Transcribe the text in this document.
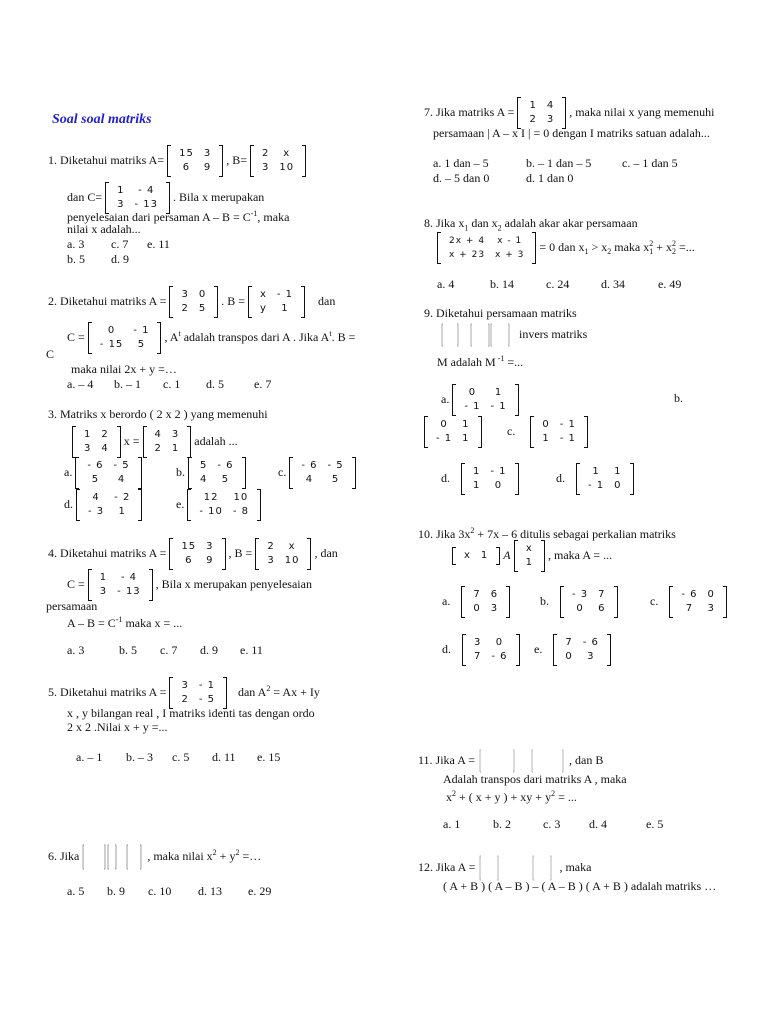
Soal soal matriks
1. Diketahui matriks A= 15	3
6	9
, B= 2	x
3	10
dan C= 1	- 4
3	- 13
. Bila x merupakan
penyelesaian dari persaman $A - B = C^{-1}$, maka
nilai x adalah...
a. 3 c. 7 e. 11
b. 5 d. 9
2. Diketahui matriks A = 3	0
2	5
. B = x	- 1
y	1
dan
C = 0	- 1
- 15	5
, $A^t$ adalah transpos dari A . Jika $A^t$. B =
C
maka nilai 2x + y =…
a. – 4 b. – 1 c. 1 d. 5	e. 7
3. Matriks x berordo ( 2 x 2 ) yang memenuhi
1	2
3	4
x = 4	3
2	1
adalah ...
a. - 6	- 5
5	4
b. 5	- 6
4	5
c. - 6	- 5
4	5
d. 4	- 2
- 3	1
e. 12	10
- 10	- 8
4. Diketahui matriks A = 15	3
6	9
, B = 2	x
3	10
, dan
C = 1	- 4
3	- 13
, Bila x merupakan penyelesaian
persamaan
$A - B = C^{-1}$ maka x = ...
a. 3	b. 5 c. 7 d. 9 e. 11
5. Diketahui matriks A = 3	- 1
2	- 5
dan $A^2 = Ax + Iy$
x , y bilangan real , I matriks identi tas dengan ordo
2 x 2 .Nilai x + y =...
a. – 1 b. – 3 c. 5 d. 11 e. 15
6. Jika	, maka nilai $x^2 + y^2$ =…
a. 5 b. 9 c. 10 d. 13 e. 29
7. Jika matriks A = 1	4
2	3
, maka nilai x yang memenuhi
persamaan | A – x I | = 0 dengan I matriks satuan adalah...
a. 1 dan – 5	b. – 1 dan – 5	c. – 1 dan 5
d. – 5 dan 0	d. 1 dan 0
8. Jika $x_1$ dan $x_2$ adalah akar akar persamaan
2x + 4	x - 1
x + 23	x + 3
= 0 dan $x_1 > x_2$ maka $x^2_1 + x^2_2$ =...
a. 4	b. 14	c. 24	d. 34	e. 49
9. Diketahui persamaan matriks
invers matriks
M adalah M $^{-1}$ =...
a. 0	1
- 1	- 1
b.
0	1
- 1	1
c.	0	- 1
1	- 1
d. 1	- 1
1	0
d.	1	1
- 1	0
10. Jika $3x^2 + 7x - 6$ ditulis sebagai perkalian matriks
x	1 A x
1
, maka A = ...
a. 7	6
0	3
b. - 3	7
0	6
c. - 6	0
7	3
d. 3	0
7	- 6
e. 7	- 6
0	3
11. Jika A =	, dan B
Adalah transpos dari matriks A , maka
$x^2$ + ( x + y ) + xy + $y^2$ = ...
a. 1	b. 2	c. 3 d. 4	e. 5
12. Jika A =	, maka
( A + B ) ( A – B ) – ( A – B ) ( A + B ) adalah matriks …
